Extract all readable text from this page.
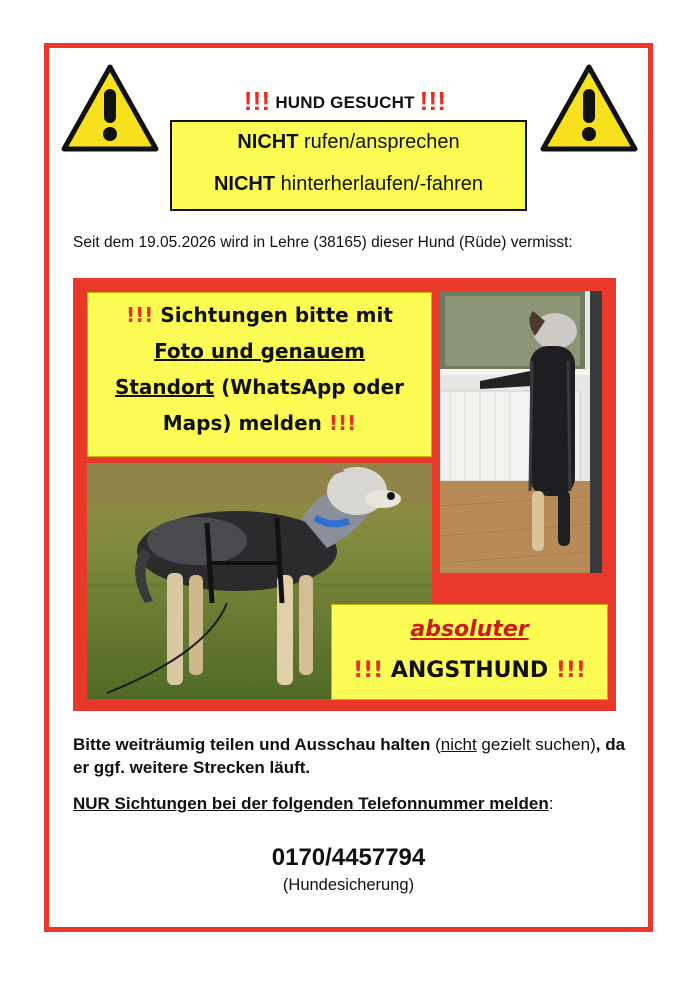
!!! HUND GESUCHT !!!
NICHT rufen/ansprechen
NICHT hinterherlaufen/-fahren
Seit dem 19.05.2026 wird in Lehre (38165) dieser Hund (Rüde) vermisst:
!!! Sichtungen bitte mit
Foto und genauem
Standort (WhatsApp oder
Maps) melden !!!
absoluter
!!! ANGSTHUND !!!
Bitte weiträumig teilen und Ausschau halten (nicht gezielt suchen), da er ggf. weitere Strecken läuft.
NUR Sichtungen bei der folgenden Telefonnummer melden:
0170/4457794
(Hundesicherung)
